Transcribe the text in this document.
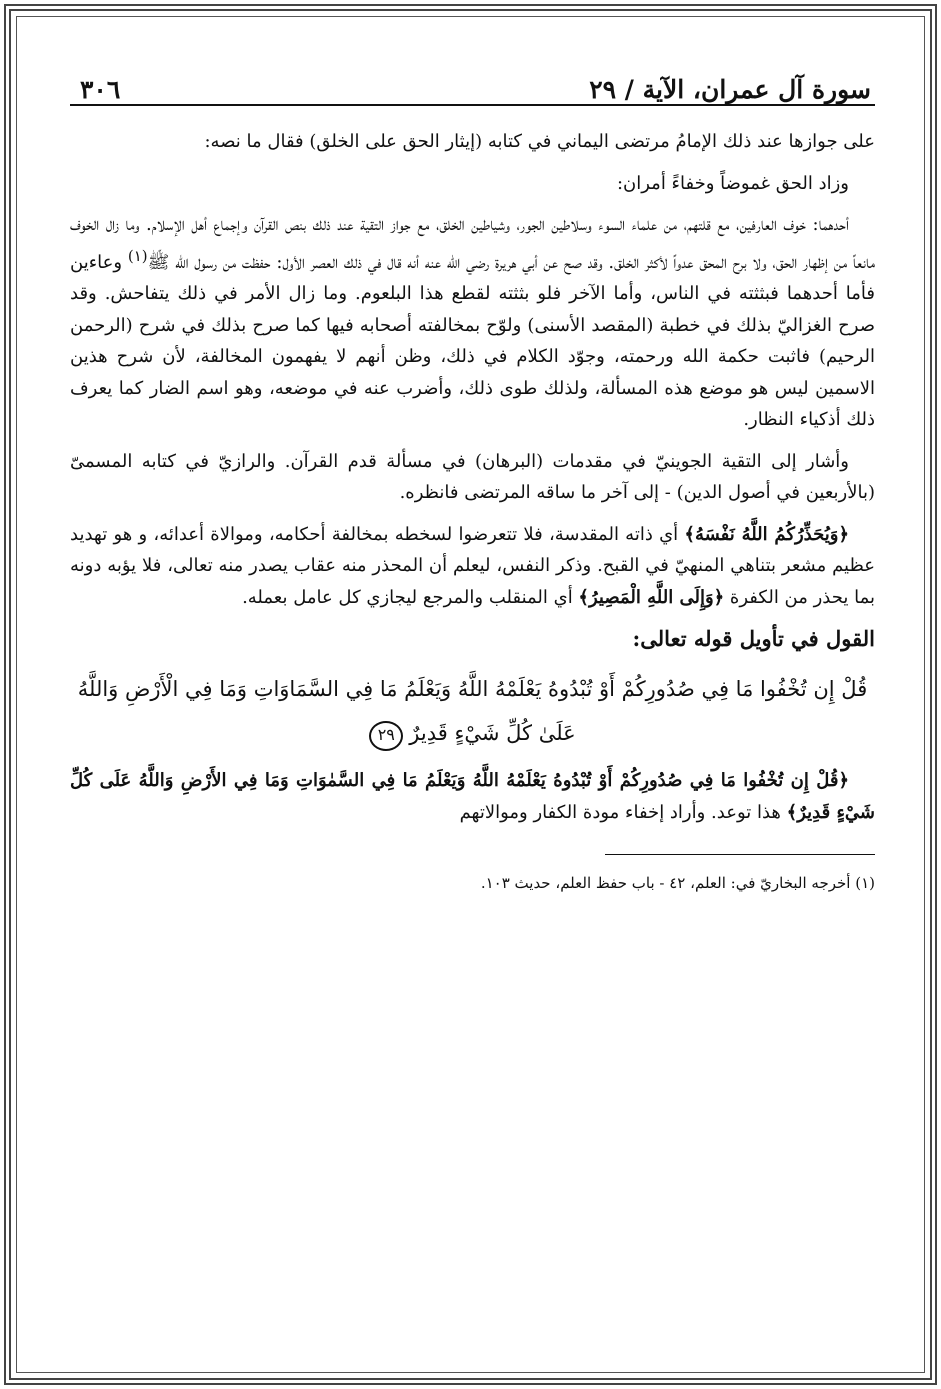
سورة آل عمران، الآية / ٢٩
٣٠٦

على جوازها عند ذلك الإمامُ مرتضى اليماني في كتابه (إيثار الحق على الخلق) فقال ما نصه:

وزاد الحق غموضاً وخفاءً أمران:

أحدهما: خوف العارفين، مع قلتهم، من علماء السوء وسلاطين الجور، وشياطين الخلق، مع جواز التقية عند ذلك بنص القرآن وإجماع أهل الإسلام. وما زال الخوف مانعاً من إظهار الحق، ولا برح المحق عدواً لأكثر الخلق. وقد صح عن أبي هريرة رضي الله عنه أنه قال في ذلك العصر الأول: حفظت من رسول الله ﷺ$^{(١)}$ وعاءين فأما أحدهما فبثثته في الناس، وأما الآخر فلو بثثته لقطع هذا البلعوم. وما زال الأمر في ذلك يتفاحش. وقد صرح الغزاليّ بذلك في خطبة (المقصد الأسنى) ولوّح بمخالفته أصحابه فيها كما صرح بذلك في شرح (الرحمن الرحيم) فاثبت حكمة الله ورحمته، وجوّد الكلام في ذلك، وظن أنهم لا يفهمون المخالفة، لأن شرح هذين الاسمين ليس هو موضع هذه المسألة، ولذلك طوى ذلك، وأضرب عنه في موضعه، وهو اسم الضار كما يعرف ذلك أذكياء النظار.

وأشار إلى التقية الجوينيّ في مقدمات (البرهان) في مسألة قدم القرآن. والرازيّ في كتابه المسمىّ (بالأربعين في أصول الدين) - إلى آخر ما ساقه المرتضى فانظره.

﴿وَيُحَذِّرُكُمُ اللَّهُ نَفْسَهُ﴾ أي ذاته المقدسة، فلا تتعرضوا لسخطه بمخالفة أحكامه، وموالاة أعدائه، و هو تهديد عظيم مشعر بتناهي المنهيّ في القبح. وذكر النفس، ليعلم أن المحذر منه عقاب يصدر منه تعالى، فلا يؤبه دونه بما يحذر من الكفرة ﴿وَإِلَى اللَّهِ الْمَصِيرُ﴾ أي المنقلب والمرجع ليجازي كل عامل بعمله.

القول في تأويل قوله تعالى:

قُلْ إِن تُخْفُوا مَا فِي صُدُورِكُمْ أَوْ تُبْدُوهُ يَعْلَمْهُ اللَّهُ وَيَعْلَمُ مَا فِي السَّمَاوَاتِ وَمَا فِي الْأَرْضِ وَاللَّهُ عَلَىٰ كُلِّ شَيْءٍ قَدِيرٌ٢٩

﴿قُلْ إِن تُخْفُوا مَا فِي صُدُورِكُمْ أَوْ تُبْدُوهُ يَعْلَمْهُ اللَّهُ وَيَعْلَمُ مَا فِي السَّمٰوَاتِ وَمَا فِي الأَرْضِ وَاللَّهُ عَلَى كُلِّ شَيْءٍ قَدِيرٌ﴾ هذا توعد. وأراد إخفاء مودة الكفار وموالاتهم

(١) أخرجه البخاريّ في: العلم، ٤٢ - باب حفظ العلم، حديث ١٠٣.
